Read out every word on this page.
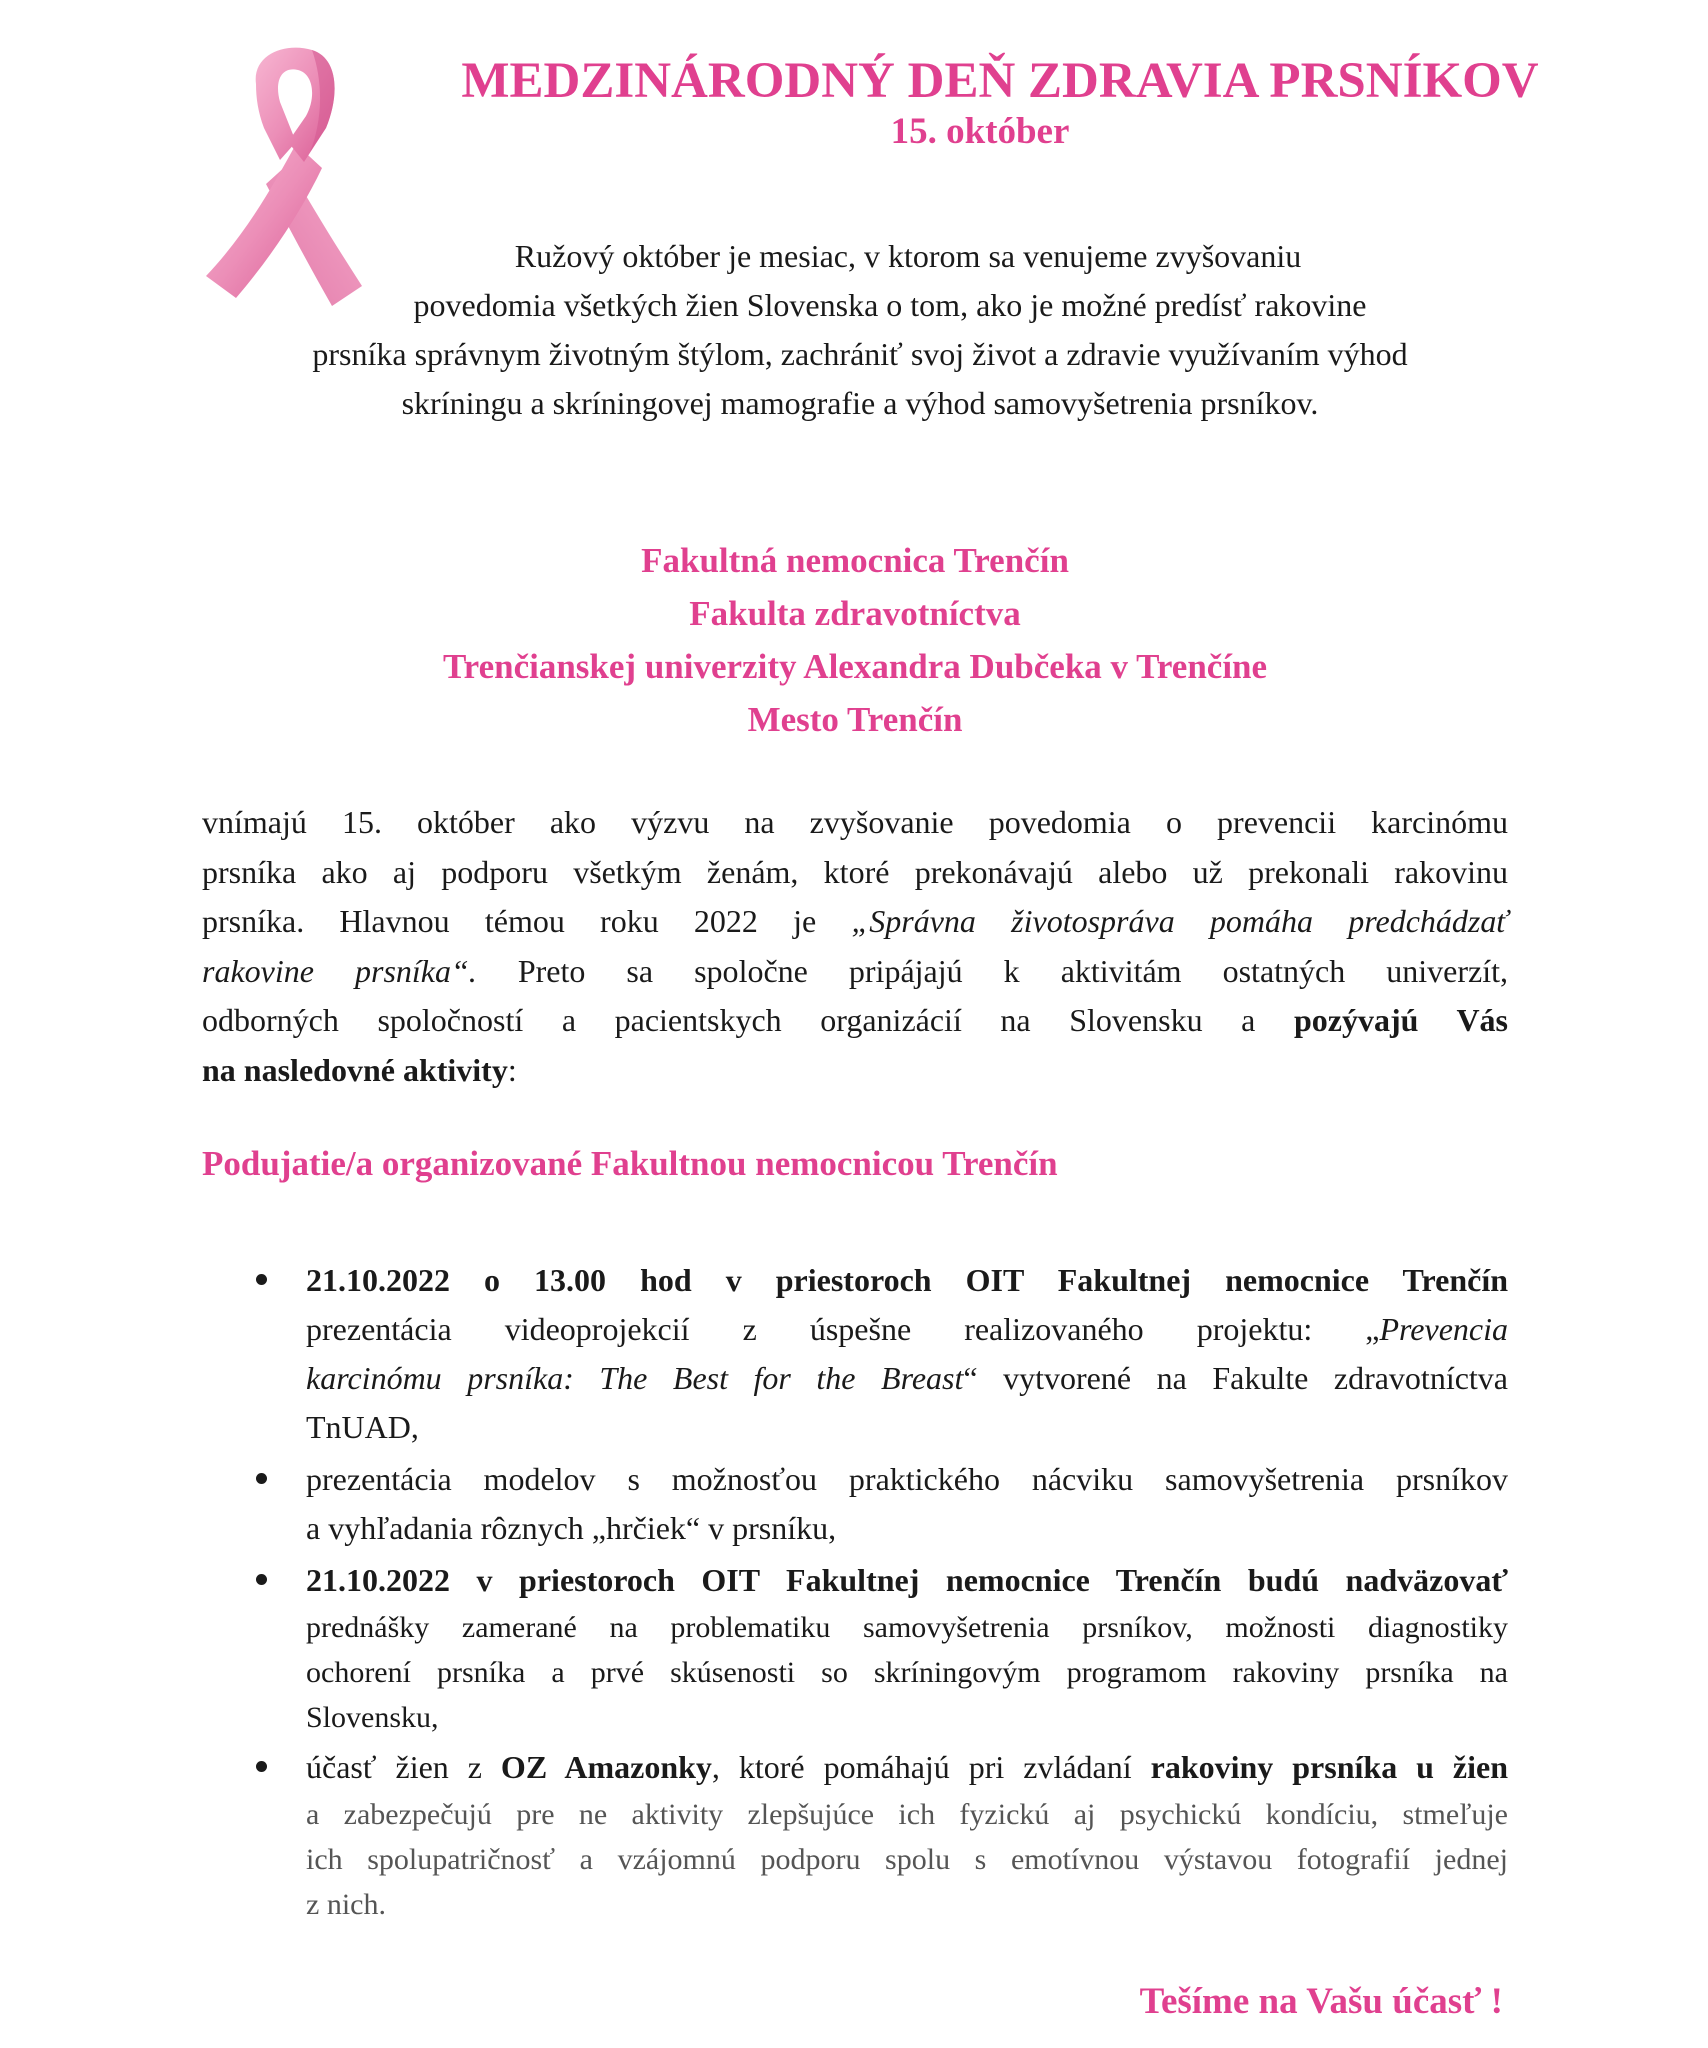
MEDZINÁRODNÝ DEŇ ZDRAVIA PRSNÍKOV
15. október
Ružový október je mesiac, v ktorom sa venujeme zvyšovaniu
povedomia všetkých žien Slovenska o tom, ako je možné predísť rakovine
prsníka správnym životným štýlom, zachrániť svoj život a zdravie využívaním výhod
skríningu a skríningovej mamografie a výhod samovyšetrenia prsníkov.
Fakultná nemocnica Trenčín
Fakulta zdravotníctva
Trenčianskej univerzity Alexandra Dubčeka v Trenčíne
Mesto Trenčín
vnímajú 15. október ako výzvu na zvyšovanie povedomia o prevencii karcinómu
prsníka ako aj podporu všetkým ženám, ktoré prekonávajú alebo už prekonali rakovinu
prsníka. Hlavnou témou roku 2022 je „Správna životospráva pomáha predchádzať
rakovine prsníka“. Preto sa spoločne pripájajú k aktivitám ostatných univerzít,
odborných spoločností a pacientskych organizácií na Slovensku a pozývajú Vás
na nasledovné aktivity:
Podujatie/a organizované Fakultnou nemocnicou Trenčín
21.10.2022 o 13.00 hod v priestoroch OIT Fakultnej nemocnice Trenčín
prezentácia videoprojekcií z úspešne realizovaného projektu: „Prevencia
karcinómu prsníka: The Best for the Breast“ vytvorené na Fakulte zdravotníctva
TnUAD,
prezentácia modelov s možnosťou praktického nácviku samovyšetrenia prsníkov
a vyhľadania rôznych „hrčiek“ v prsníku,
21.10.2022 v priestoroch OIT Fakultnej nemocnice Trenčín budú nadväzovať
prednášky zamerané na problematiku samovyšetrenia prsníkov, možnosti diagnostiky
ochorení prsníka a prvé skúsenosti so skríningovým programom rakoviny prsníka na
Slovensku,
účasť žien z OZ Amazonky, ktoré pomáhajú pri zvládaní rakoviny prsníka u žien
a zabezpečujú pre ne aktivity zlepšujúce ich fyzickú aj psychickú kondíciu, stmeľuje
ich spolupatričnosť a vzájomnú podporu spolu s emotívnou výstavou fotografií jednej
z nich.
Tešíme na Vašu účasť !
